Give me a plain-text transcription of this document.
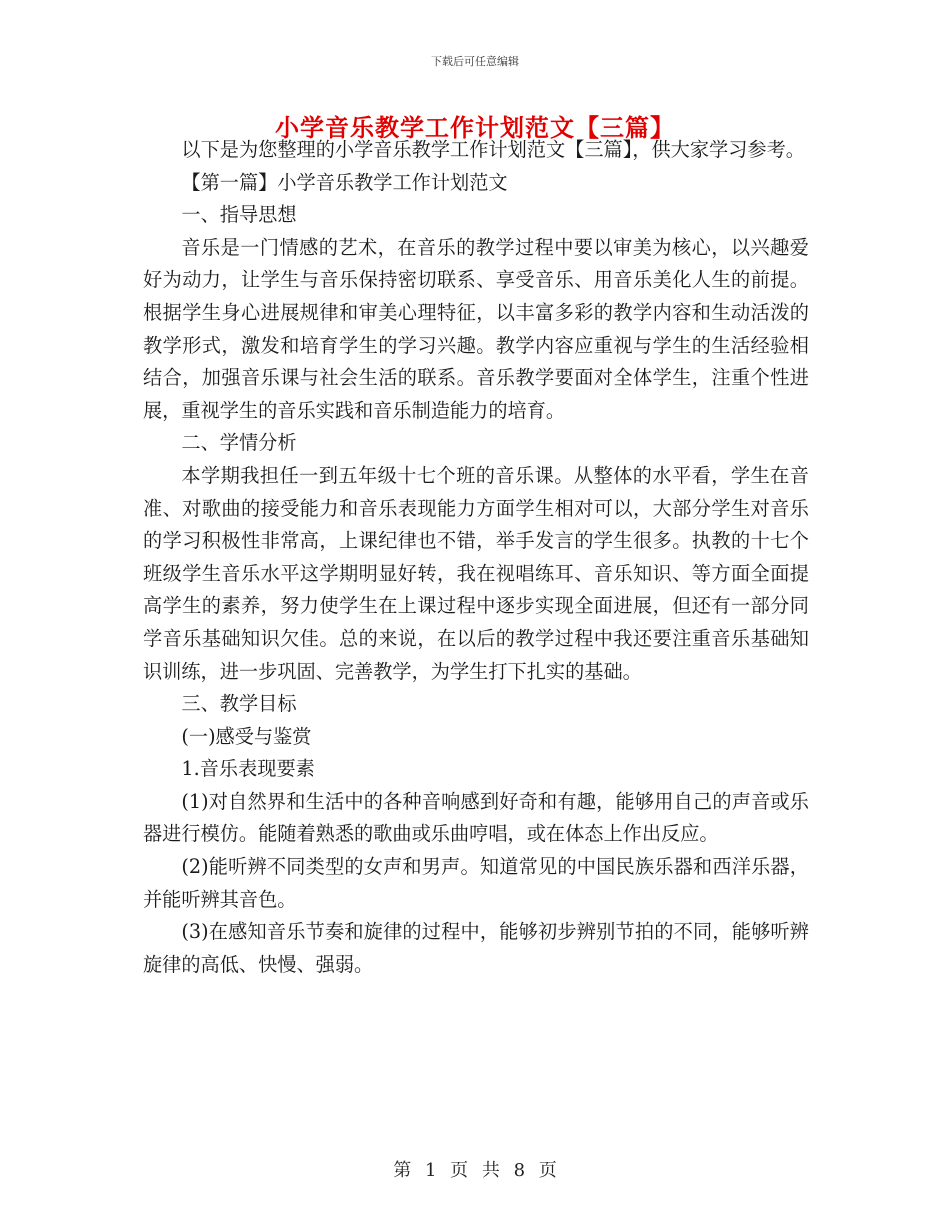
下载后可任意编辑
小学音乐教学工作计划范文【三篇】

以下是为您整理的小学音乐教学工作计划范文【三篇】，供大家学习参考。

【第一篇】小学音乐教学工作计划范文

一、指导思想

音乐是一门情感的艺术，在音乐的教学过程中要以审美为核心，以兴趣爱好为动力，让学生与音乐保持密切联系、享受音乐、用音乐美化人生的前提。根据学生身心进展规律和审美心理特征，以丰富多彩的教学内容和生动活泼的教学形式，激发和培育学生的学习兴趣。教学内容应重视与学生的生活经验相结合，加强音乐课与社会生活的联系。音乐教学要面对全体学生，注重个性进展，重视学生的音乐实践和音乐制造能力的培育。

二、学情分析

本学期我担任一到五年级十七个班的音乐课。从整体的水平看，学生在音准、对歌曲的接受能力和音乐表现能力方面学生相对可以，大部分学生对音乐的学习积极性非常高，上课纪律也不错，举手发言的学生很多。执教的十七个班级学生音乐水平这学期明显好转，我在视唱练耳、音乐知识、等方面全面提高学生的素养，努力使学生在上课过程中逐步实现全面进展，但还有一部分同学音乐基础知识欠佳。总的来说，在以后的教学过程中我还要注重音乐基础知识训练，进一步巩固、完善教学，为学生打下扎实的基础。

三、教学目标

(一)感受与鉴赏

1.音乐表现要素

(1)对自然界和生活中的各种音响感到好奇和有趣，能够用自己的声音或乐器进行模仿。能随着熟悉的歌曲或乐曲哼唱，或在体态上作出反应。

(2)能听辨不同类型的女声和男声。知道常见的中国民族乐器和西洋乐器，并能听辨其音色。

(3)在感知音乐节奏和旋律的过程中，能够初步辨别节拍的不同，能够听辨旋律的高低、快慢、强弱。

第 1 页 共 8 页
